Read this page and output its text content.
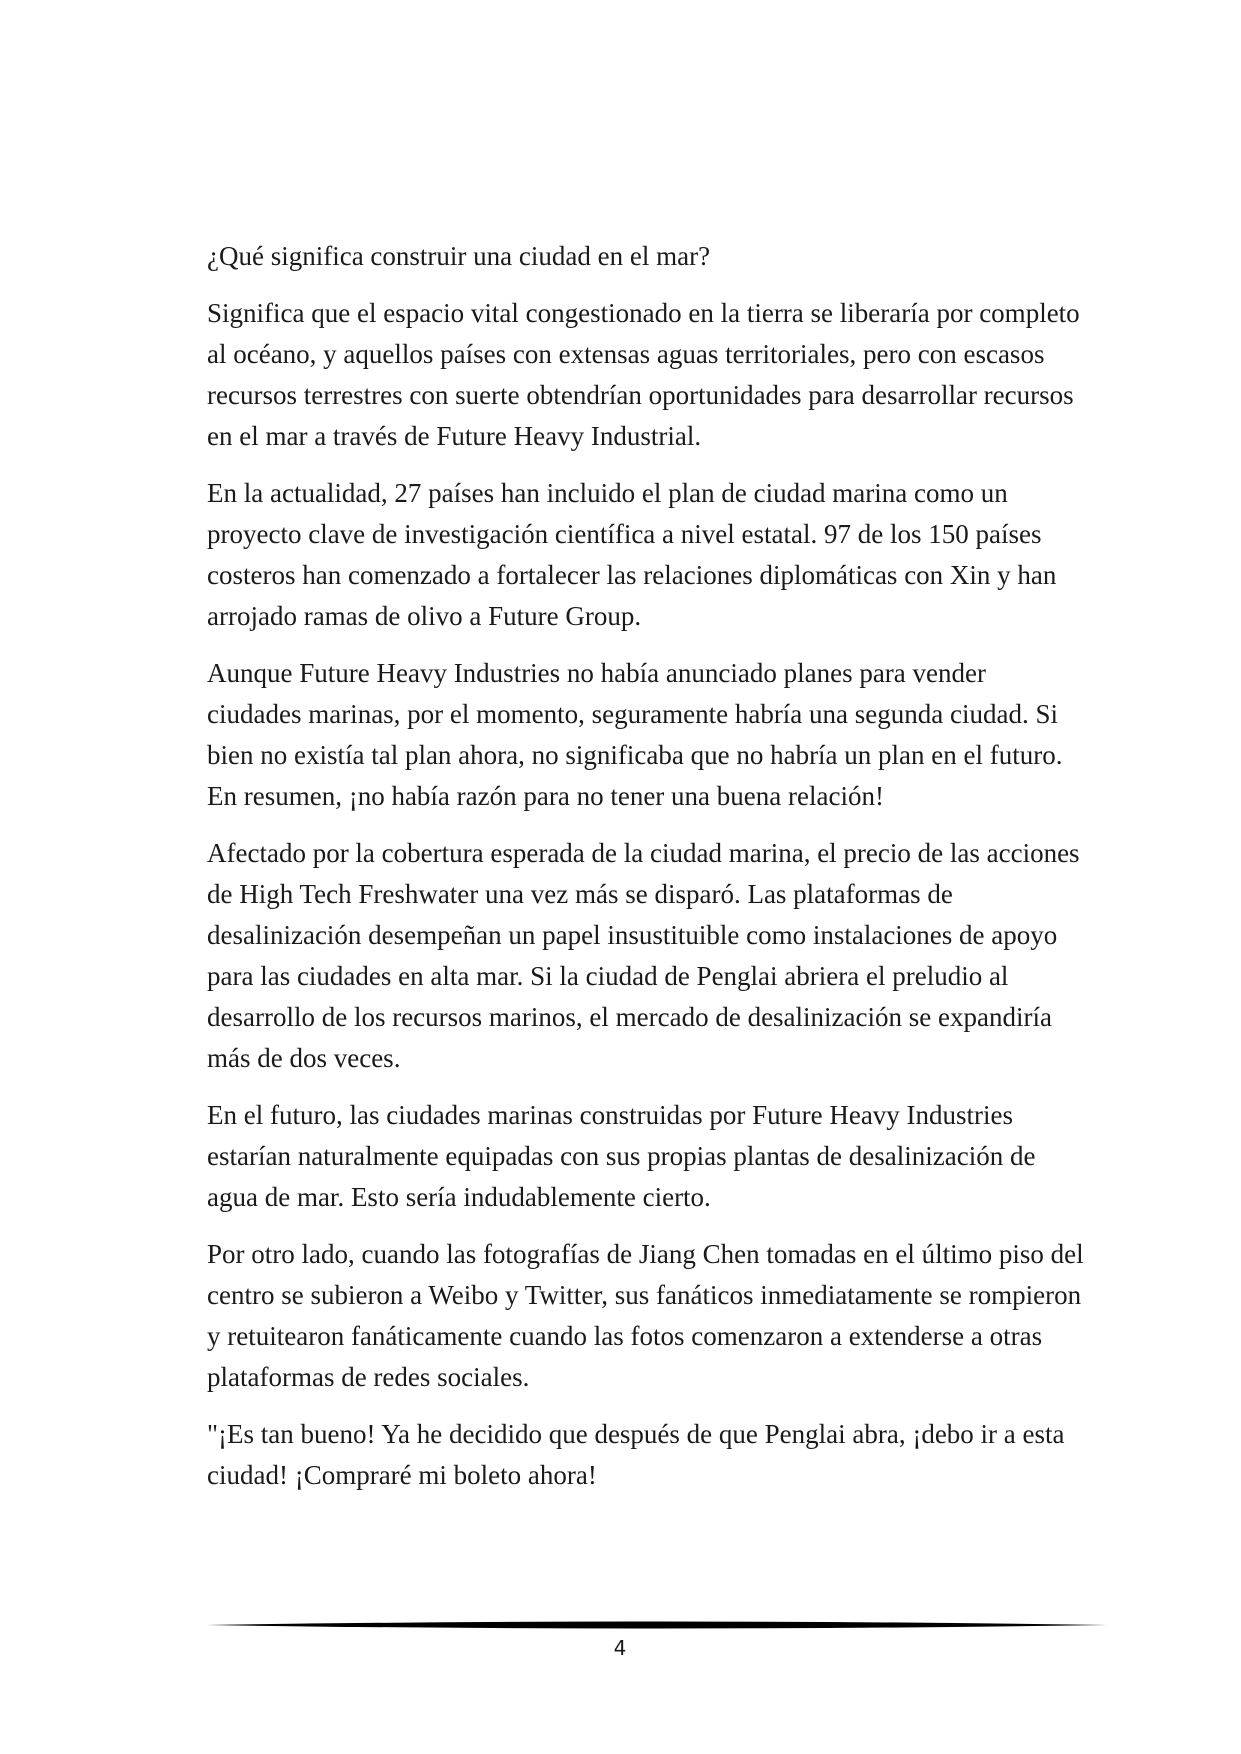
¿Qué significa construir una ciudad en el mar?

Significa que el espacio vital congestionado en la tierra se liberaría por completo al océano, y aquellos países con extensas aguas territoriales, pero con escasos recursos terrestres con suerte obtendrían oportunidades para desarrollar recursos en el mar a través de Future Heavy Industrial.

En la actualidad, 27 países han incluido el plan de ciudad marina como un proyecto clave de investigación científica a nivel estatal. 97 de los 150 países costeros han comenzado a fortalecer las relaciones diplomáticas con Xin y han arrojado ramas de olivo a Future Group.

Aunque Future Heavy Industries no había anunciado planes para vender ciudades marinas, por el momento, seguramente habría una segunda ciudad. Si bien no existía tal plan ahora, no significaba que no habría un plan en el futuro. En resumen, ¡no había razón para no tener una buena relación!

Afectado por la cobertura esperada de la ciudad marina, el precio de las acciones de High Tech Freshwater una vez más se disparó. Las plataformas de desalinización desempeñan un papel insustituible como instalaciones de apoyo para las ciudades en alta mar. Si la ciudad de Penglai abriera el preludio al desarrollo de los recursos marinos, el mercado de desalinización se expandiría más de dos veces.

En el futuro, las ciudades marinas construidas por Future Heavy Industries estarían naturalmente equipadas con sus propias plantas de desalinización de agua de mar. Esto sería indudablemente cierto.

Por otro lado, cuando las fotografías de Jiang Chen tomadas en el último piso del centro se subieron a Weibo y Twitter, sus fanáticos inmediatamente se rompieron y retuitearon fanáticamente cuando las fotos comenzaron a extenderse a otras plataformas de redes sociales.

"¡Es tan bueno! Ya he decidido que después de que Penglai abra, ¡debo ir a esta ciudad! ¡Compraré mi boleto ahora!

4
